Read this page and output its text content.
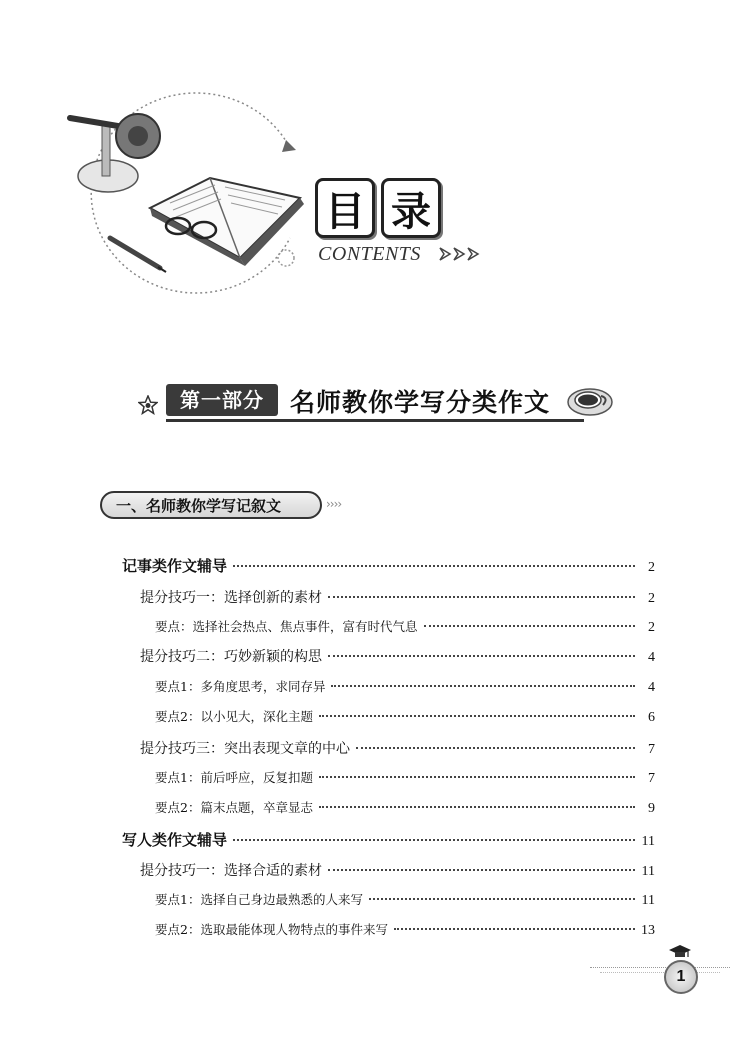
目 录
CONTENTS
第一部分	名师教你学写分类作文
一、名师教你学写记叙文	››››
记事类作文辅导	2
提分技巧一：选择创新的素材	2
要点：选择社会热点、焦点事件，富有时代气息	2
提分技巧二：巧妙新颖的构思	4
要点1：多角度思考，求同存异	4
要点2：以小见大，深化主题	6
提分技巧三：突出表现文章的中心	7
要点1：前后呼应，反复扣题	7
要点2：篇末点题，卒章显志	9
写人类作文辅导	11
提分技巧一：选择合适的素材	11
要点1：选择自己身边最熟悉的人来写	11
要点2：选取最能体现人物特点的事件来写	13
1
